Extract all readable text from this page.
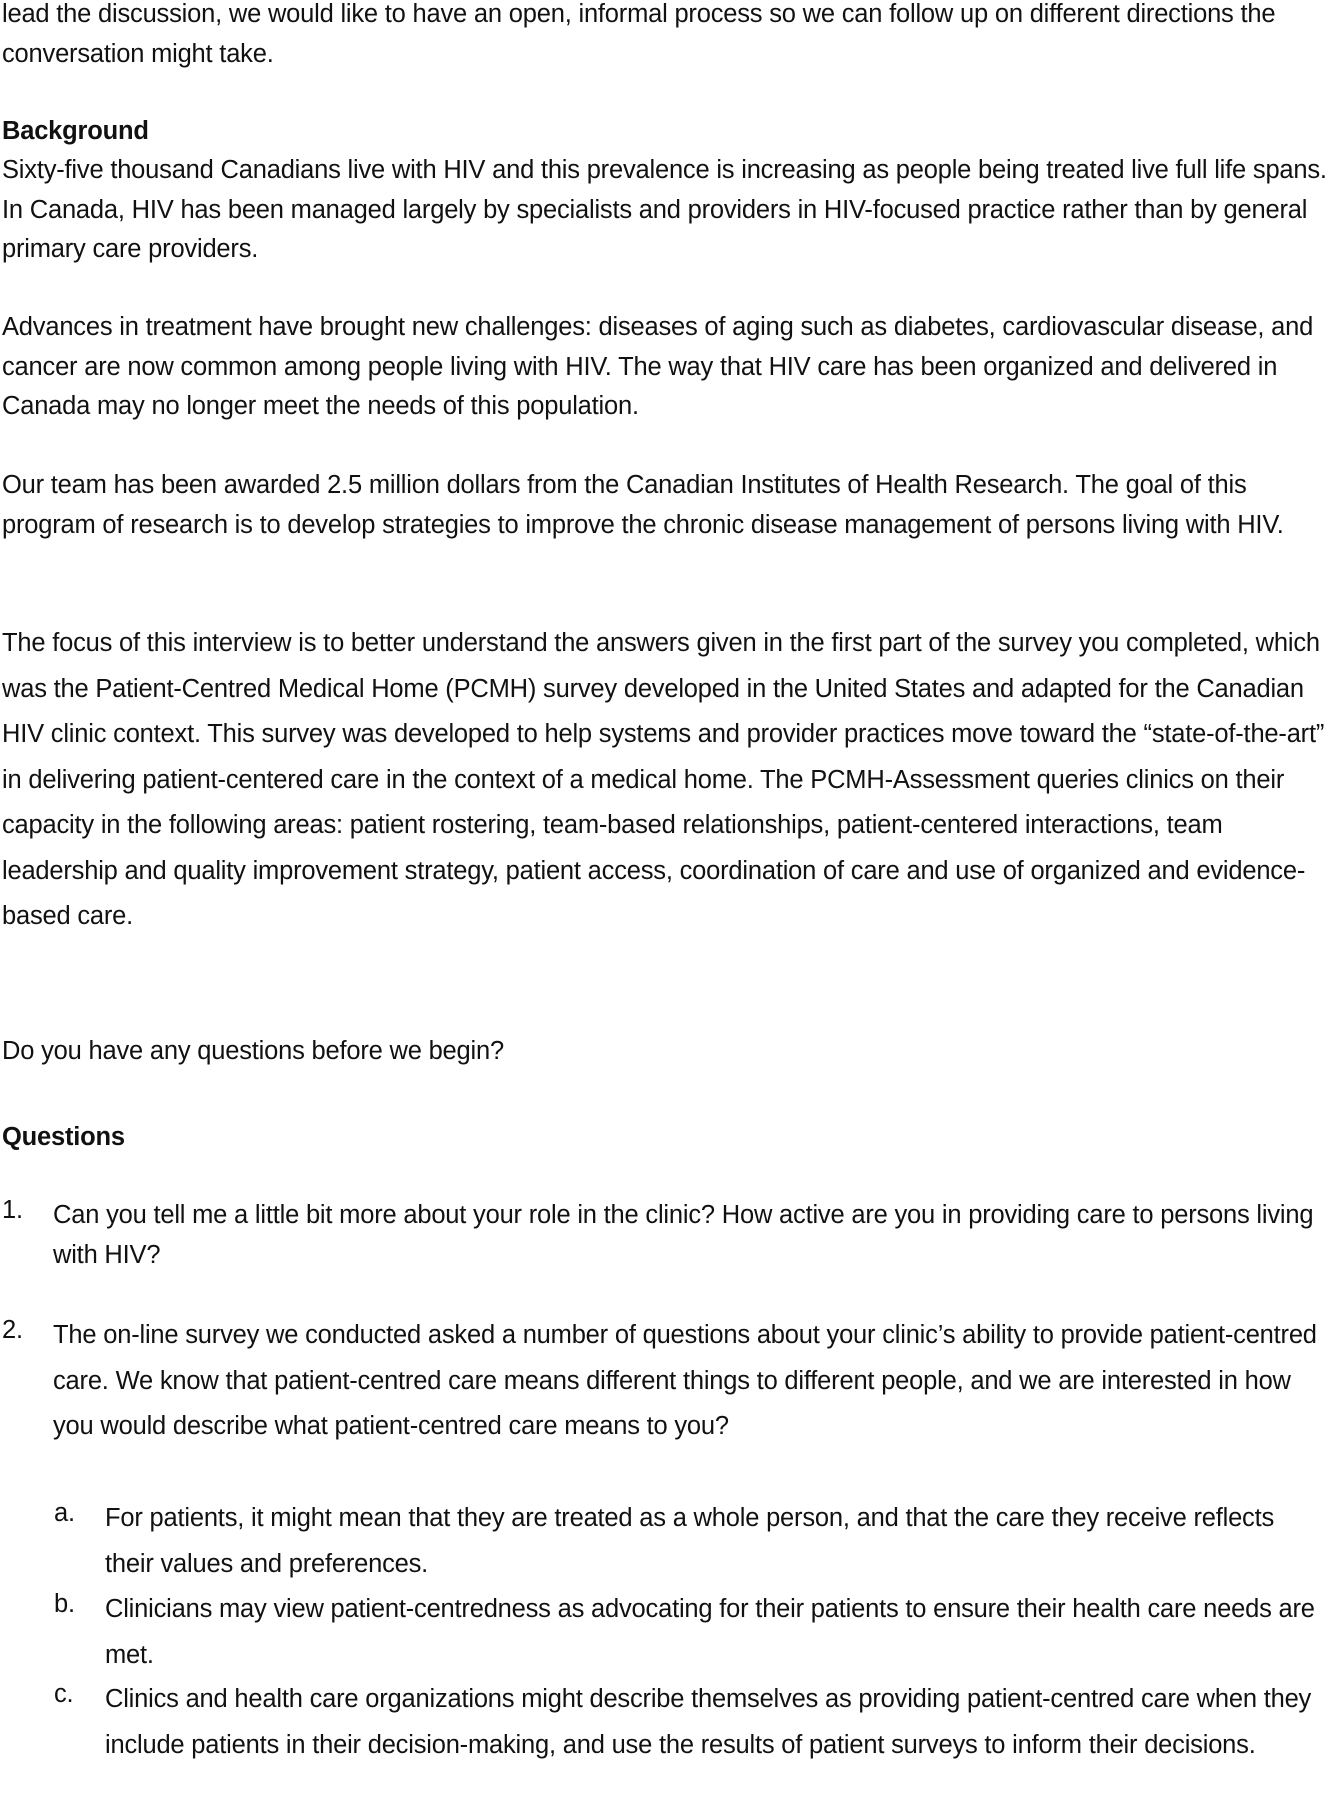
lead the discussion, we would like to have an open, informal process so we can follow up on different directions the conversation might take.

Background

Sixty-five thousand Canadians live with HIV and this prevalence is increasing as people being treated live full life spans. In Canada, HIV has been managed largely by specialists and providers in HIV-focused practice rather than by general primary care providers.

Advances in treatment have brought new challenges: diseases of aging such as diabetes, cardiovascular disease, and cancer are now common among people living with HIV. The way that HIV care has been organized and delivered in Canada may no longer meet the needs of this population.

Our team has been awarded 2.5 million dollars from the Canadian Institutes of Health Research. The goal of this program of research is to develop strategies to improve the chronic disease management of persons living with HIV.

The focus of this interview is to better understand the answers given in the first part of the survey you completed, which was the Patient-Centred Medical Home (PCMH) survey developed in the United States and adapted for the Canadian HIV clinic context. This survey was developed to help systems and provider practices move toward the “state-of-the-art” in delivering patient-centered care in the context of a medical home. The PCMH-Assessment queries clinics on their capacity in the following areas: patient rostering, team-based relationships, patient-centered interactions, team leadership and quality improvement strategy, patient access, coordination of care and use of organized and evidence-based care.

Do you have any questions before we begin?

Questions

1. Can you tell me a little bit more about your role in the clinic? How active are you in providing care to persons living with HIV?
2. The on-line survey we conducted asked a number of questions about your clinic’s ability to provide patient-centred care. We know that patient-centred care means different things to different people, and we are interested in how you would describe what patient-centred care means to you?
a. For patients, it might mean that they are treated as a whole person, and that the care they receive reflects their values and preferences.
b. Clinicians may view patient-centredness as advocating for their patients to ensure their health care needs are met.
c. Clinics and health care organizations might describe themselves as providing patient-centred care when they include patients in their decision-making, and use the results of patient surveys to inform their decisions.
